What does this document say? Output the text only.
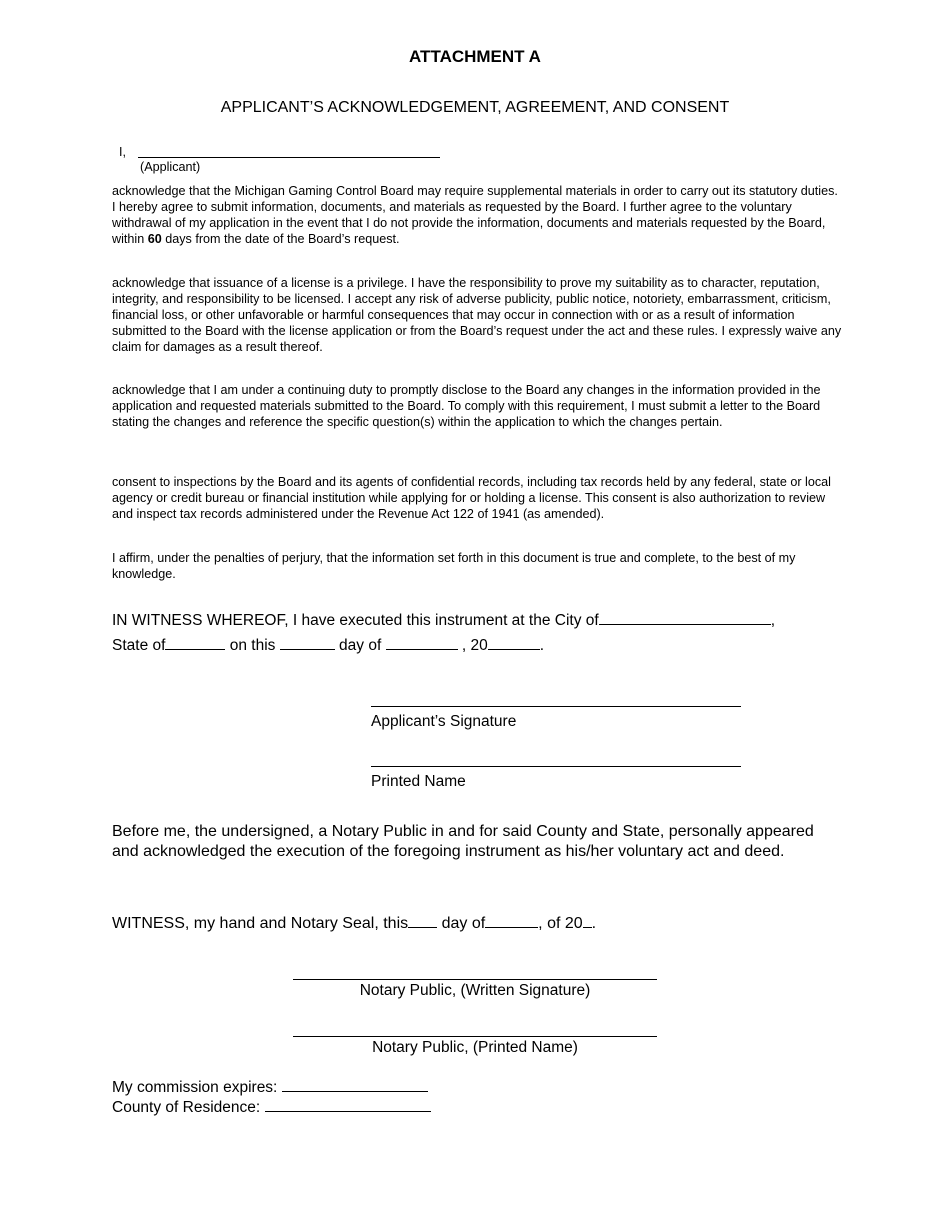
ATTACHMENT A
APPLICANT’S ACKNOWLEDGEMENT, AGREEMENT, AND CONSENT
I,
(Applicant)
acknowledge that the Michigan Gaming Control Board may require supplemental materials in order to carry out its statutory duties. I hereby agree to submit information, documents, and materials as requested by the Board. I further agree to the voluntary withdrawal of my application in the event that I do not provide the information, documents and materials requested by the Board, within 60 days from the date of the Board’s request.
acknowledge that issuance of a license is a privilege. I have the responsibility to prove my suitability as to character, reputation, integrity, and responsibility to be licensed. I accept any risk of adverse publicity, public notice, notoriety, embarrassment, criticism, financial loss, or other unfavorable or harmful consequences that may occur in connection with or as a result of information submitted to the Board with the license application or from the Board’s request under the act and these rules. I expressly waive any claim for damages as a result thereof.
acknowledge that I am under a continuing duty to promptly disclose to the Board any changes in the information provided in the application and requested materials submitted to the Board. To comply with this requirement, I must submit a letter to the Board stating the changes and reference the specific question(s) within the application to which the changes pertain.
consent to inspections by the Board and its agents of confidential records, including tax records held by any federal, state or local agency or credit bureau or financial institution while applying for or holding a license. This consent is also authorization to review and inspect tax records administered under the Revenue Act 122 of 1941 (as amended).
I affirm, under the penalties of perjury, that the information set forth in this document is true and complete, to the best of my knowledge.
IN WITNESS WHEREOF, I have executed this instrument at the City of	,
State of	on this	day of	, 20	.
Applicant’s Signature
Printed Name
Before me, the undersigned, a Notary Public in and for said County and State, personally appeared and acknowledged the execution of the foregoing instrument as his/her voluntary act and deed.
WITNESS, my hand and Notary Seal, this day of	, of 20 .
Notary Public, (Written Signature)
Notary Public, (Printed Name)
My commission expires:
County of Residence:
